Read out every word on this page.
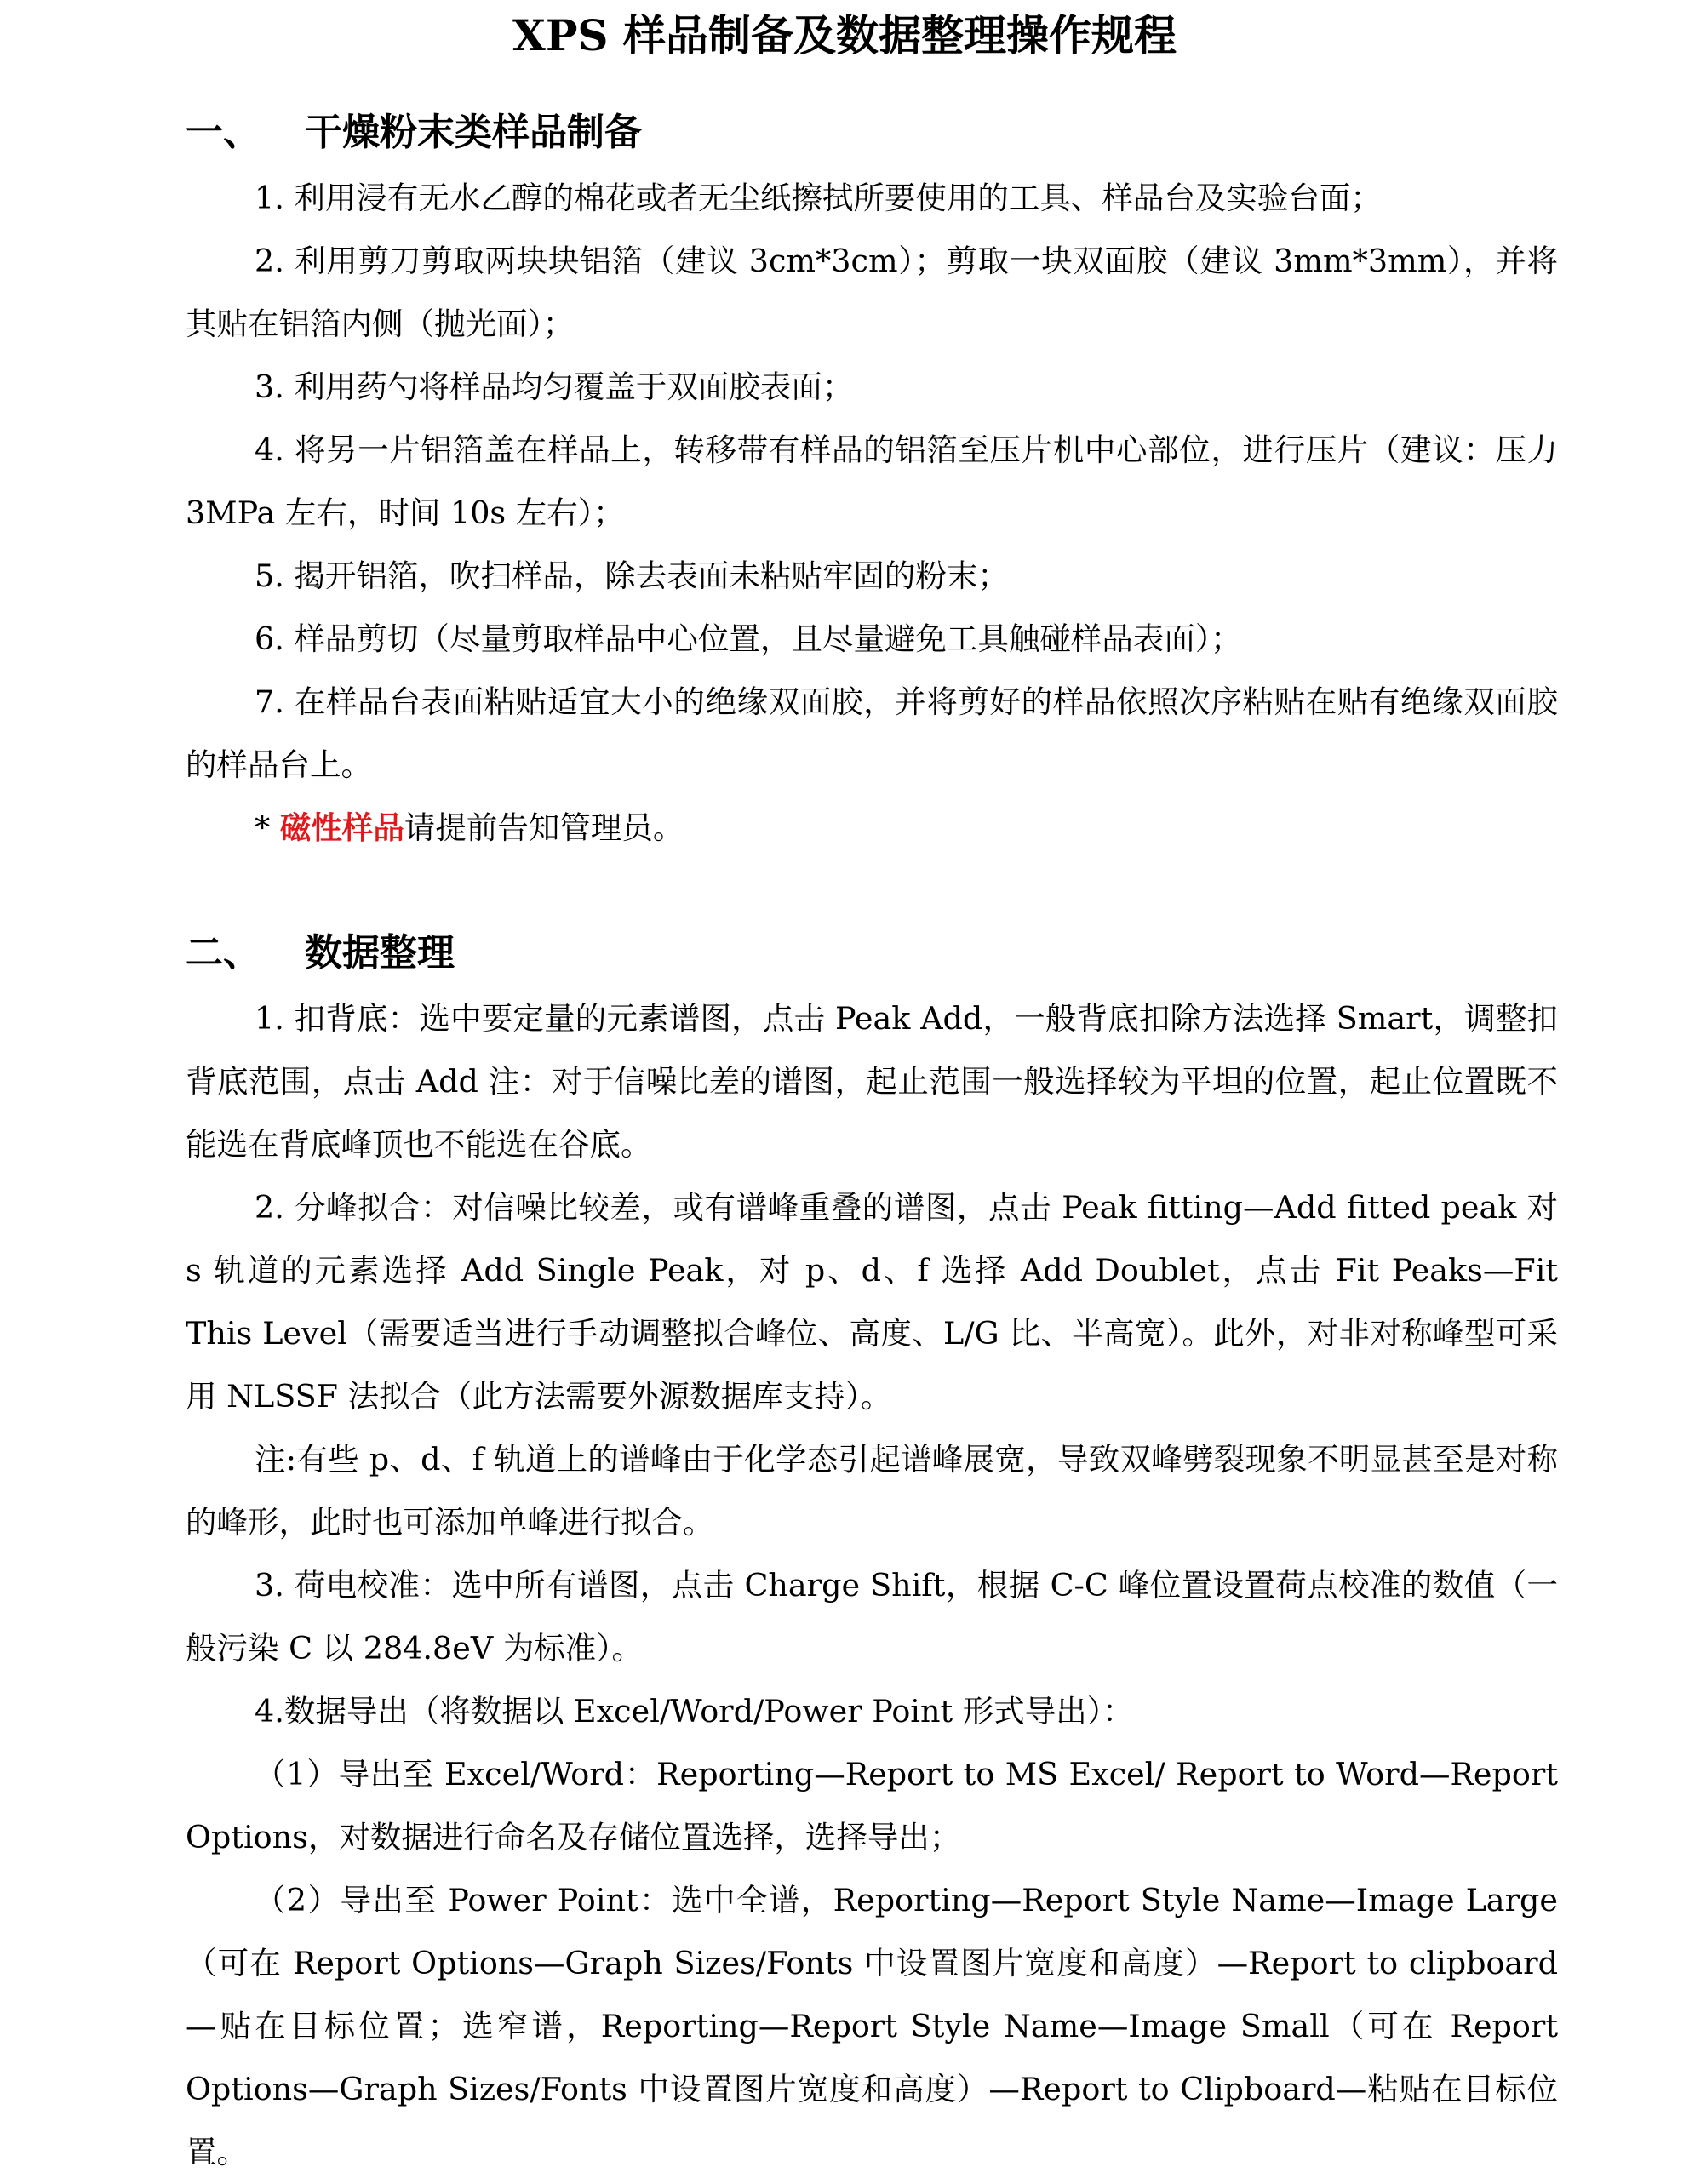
XPS 样品制备及数据整理操作规程
一、 干燥粉末类样品制备

1. 利用浸有无水乙醇的棉花或者无尘纸擦拭所要使用的工具、样品台及实验台面；

2. 利用剪刀剪取两块块铝箔（建议 3cm*3cm）；剪取一块双面胶（建议 3mm*3mm），并将其贴在铝箔内侧（抛光面）；

3. 利用药勺将样品均匀覆盖于双面胶表面；

4. 将另一片铝箔盖在样品上，转移带有样品的铝箔至压片机中心部位，进行压片（建议：压力 3MPa 左右，时间 10s 左右）；

5. 揭开铝箔，吹扫样品，除去表面未粘贴牢固的粉末；

6. 样品剪切（尽量剪取样品中心位置，且尽量避免工具触碰样品表面）；

7. 在样品台表面粘贴适宜大小的绝缘双面胶，并将剪好的样品依照次序粘贴在贴有绝缘双面胶的样品台上。

* 磁性样品请提前告知管理员。

二、 数据整理

1. 扣背底：选中要定量的元素谱图，点击 Peak Add，一般背底扣除方法选择 Smart，调整扣背底范围，点击 Add 注：对于信噪比差的谱图，起止范围一般选择较为平坦的位置，起止位置既不能选在背底峰顶也不能选在谷底。

2. 分峰拟合：对信噪比较差，或有谱峰重叠的谱图，点击 Peak fitting—Add fitted peak 对 s 轨道的元素选择 Add Single Peak，对 p、d、f 选择 Add Doublet，点击 Fit Peaks—Fit This Level（需要适当进行手动调整拟合峰位、高度、L/G 比、半高宽）。此外，对非对称峰型可采用 NLSSF 法拟合（此方法需要外源数据库支持）。

注:有些 p、d、f 轨道上的谱峰由于化学态引起谱峰展宽，导致双峰劈裂现象不明显甚至是对称的峰形，此时也可添加单峰进行拟合。

3. 荷电校准：选中所有谱图，点击 Charge Shift，根据 C-C 峰位置设置荷点校准的数值（一般污染 C 以 284.8eV 为标准）。

4.数据导出（将数据以 Excel/Word/Power Point 形式导出）：

（1）导出至 Excel/Word：Reporting—Report to MS Excel/ Report to Word—Report Options，对数据进行命名及存储位置选择，选择导出；

（2）导出至 Power Point：选中全谱，Reporting—Report Style Name—Image Large（可在 Report Options—Graph Sizes/Fonts 中设置图片宽度和高度）—Report to clipboard—贴在目标位置；选窄谱，Reporting—Report Style Name—Image Small（可在 Report Options—Graph Sizes/Fonts 中设置图片宽度和高度）—Report to Clipboard—粘贴在目标位置。
